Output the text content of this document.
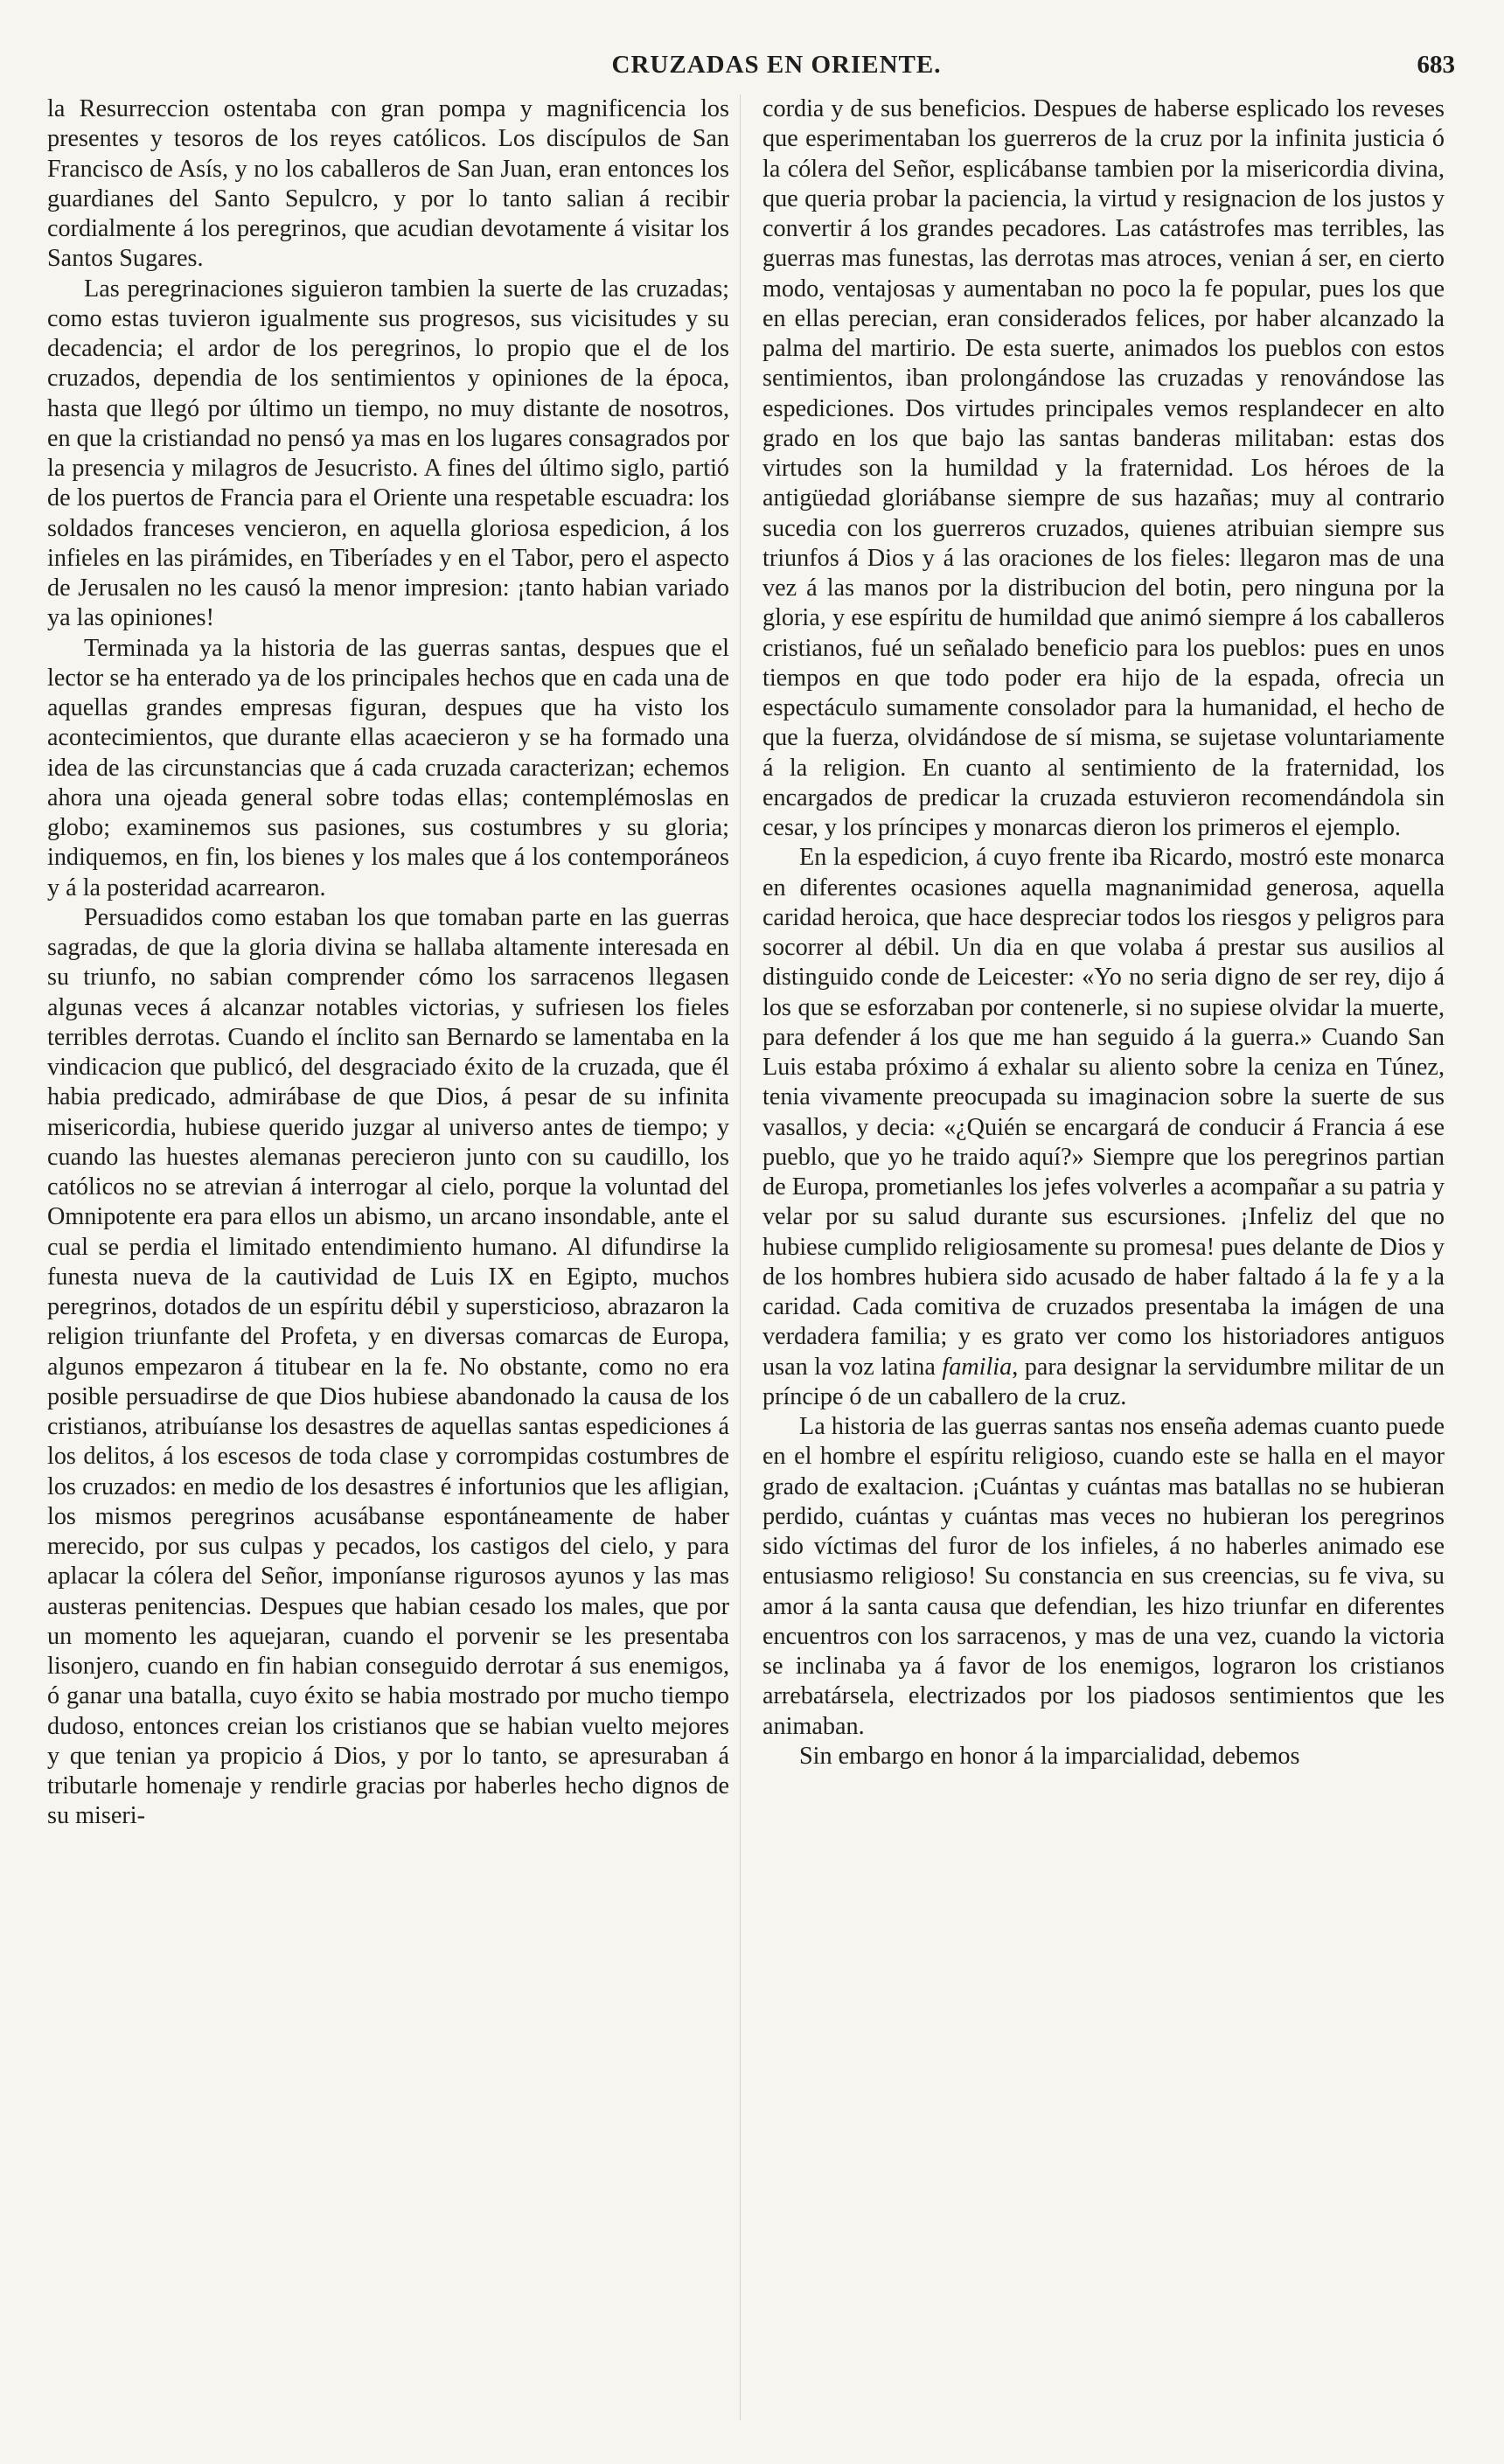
CRUZADAS EN ORIENTE.	683

la Resurreccion ostentaba con gran pompa y magnificencia los presentes y tesoros de los reyes católicos. Los discípulos de San Francisco de Asís, y no los caballeros de San Juan, eran entonces los guardianes del Santo Sepulcro, y por lo tanto salian á recibir cordialmente á los peregrinos, que acudian devotamente á visitar los Santos Sugares.

Las peregrinaciones siguieron tambien la suerte de las cruzadas; como estas tuvieron igualmente sus progresos, sus vicisitudes y su decadencia; el ardor de los peregrinos, lo propio que el de los cruzados, dependia de los sentimientos y opiniones de la época, hasta que llegó por último un tiempo, no muy distante de nosotros, en que la cristiandad no pensó ya mas en los lugares consagrados por la presencia y milagros de Jesucristo. A fines del último siglo, partió de los puertos de Francia para el Oriente una respetable escuadra: los soldados franceses vencieron, en aquella gloriosa espedicion, á los infieles en las pirámides, en Tiberíades y en el Tabor, pero el aspecto de Jerusalen no les causó la menor impresion: ¡tanto habian variado ya las opiniones!

Terminada ya la historia de las guerras santas, despues que el lector se ha enterado ya de los principales hechos que en cada una de aquellas grandes empresas figuran, despues que ha visto los acontecimientos, que durante ellas acaecieron y se ha formado una idea de las circunstancias que á cada cruzada caracterizan; echemos ahora una ojeada general sobre todas ellas; contemplémoslas en globo; examinemos sus pasiones, sus costumbres y su gloria; indiquemos, en fin, los bienes y los males que á los contemporáneos y á la posteridad acarrearon.

Persuadidos como estaban los que tomaban parte en las guerras sagradas, de que la gloria divina se hallaba altamente interesada en su triunfo, no sabian comprender cómo los sarracenos llegasen algunas veces á alcanzar notables victorias, y sufriesen los fieles terribles derrotas. Cuando el ínclito san Bernardo se lamentaba en la vindicacion que publicó, del desgraciado éxito de la cruzada, que él habia predicado, admirábase de que Dios, á pesar de su infinita misericordia, hubiese querido juzgar al universo antes de tiempo; y cuando las huestes alemanas perecieron junto con su caudillo, los católicos no se atrevian á interrogar al cielo, porque la voluntad del Omnipotente era para ellos un abismo, un arcano insondable, ante el cual se perdia el limitado entendimiento humano. Al difundirse la funesta nueva de la cautividad de Luis IX en Egipto, muchos peregrinos, dotados de un espíritu débil y supersticioso, abrazaron la religion triunfante del Profeta, y en diversas comarcas de Europa, algunos empezaron á titubear en la fe. No obstante, como no era posible persuadirse de que Dios hubiese abandonado la causa de los cristianos, atribuíanse los desastres de aquellas santas espediciones á los delitos, á los escesos de toda clase y corrompidas costumbres de los cruzados: en medio de los desastres é infortunios que les afligian, los mismos peregrinos acusábanse espontáneamente de haber merecido, por sus culpas y pecados, los castigos del cielo, y para aplacar la cólera del Señor, imponíanse rigurosos ayunos y las mas austeras penitencias. Despues que habian cesado los males, que por un momento les aquejaran, cuando el porvenir se les presentaba lisonjero, cuando en fin habian conseguido derrotar á sus enemigos, ó ganar una batalla, cuyo éxito se habia mostrado por mucho tiempo dudoso, entonces creian los cristianos que se habian vuelto mejores y que tenian ya propicio á Dios, y por lo tanto, se apresuraban á tributarle homenaje y rendirle gracias por haberles hecho dignos de su miseri-

cordia y de sus beneficios. Despues de haberse esplicado los reveses que esperimentaban los guerreros de la cruz por la infinita justicia ó la cólera del Señor, esplicábanse tambien por la misericordia divina, que queria probar la paciencia, la virtud y resignacion de los justos y convertir á los grandes pecadores. Las catástrofes mas terribles, las guerras mas funestas, las derrotas mas atroces, venian á ser, en cierto modo, ventajosas y aumentaban no poco la fe popular, pues los que en ellas perecian, eran considerados felices, por haber alcanzado la palma del martirio. De esta suerte, animados los pueblos con estos sentimientos, iban prolongándose las cruzadas y renovándose las espediciones. Dos virtudes principales vemos resplandecer en alto grado en los que bajo las santas banderas militaban: estas dos virtudes son la humildad y la fraternidad. Los héroes de la antigüedad gloriábanse siempre de sus hazañas; muy al contrario sucedia con los guerreros cruzados, quienes atribuian siempre sus triunfos á Dios y á las oraciones de los fieles: llegaron mas de una vez á las manos por la distribucion del botin, pero ninguna por la gloria, y ese espíritu de humildad que animó siempre á los caballeros cristianos, fué un señalado beneficio para los pueblos: pues en unos tiempos en que todo poder era hijo de la espada, ofrecia un espectáculo sumamente consolador para la humanidad, el hecho de que la fuerza, olvidándose de sí misma, se sujetase voluntariamente á la religion. En cuanto al sentimiento de la fraternidad, los encargados de predicar la cruzada estuvieron recomendándola sin cesar, y los príncipes y monarcas dieron los primeros el ejemplo.

En la espedicion, á cuyo frente iba Ricardo, mostró este monarca en diferentes ocasiones aquella magnanimidad generosa, aquella caridad heroica, que hace despreciar todos los riesgos y peligros para socorrer al débil. Un dia en que volaba á prestar sus ausilios al distinguido conde de Leicester: «Yo no seria digno de ser rey, dijo á los que se esforzaban por contenerle, si no supiese olvidar la muerte, para defender á los que me han seguido á la guerra.» Cuando San Luis estaba próximo á exhalar su aliento sobre la ceniza en Túnez, tenia vivamente preocupada su imaginacion sobre la suerte de sus vasallos, y decia: «¿Quién se encargará de conducir á Francia á ese pueblo, que yo he traido aquí?» Siempre que los peregrinos partian de Europa, prometianles los jefes volverles a acompañar a su patria y velar por su salud durante sus escursiones. ¡Infeliz del que no hubiese cumplido religiosamente su promesa! pues delante de Dios y de los hombres hubiera sido acusado de haber faltado á la fe y a la caridad. Cada comitiva de cruzados presentaba la imágen de una verdadera familia; y es grato ver como los historiadores antiguos usan la voz latina familia, para designar la servidumbre militar de un príncipe ó de un caballero de la cruz.

La historia de las guerras santas nos enseña ademas cuanto puede en el hombre el espíritu religioso, cuando este se halla en el mayor grado de exaltacion. ¡Cuántas y cuántas mas batallas no se hubieran perdido, cuántas y cuántas mas veces no hubieran los peregrinos sido víctimas del furor de los infieles, á no haberles animado ese entusiasmo religioso! Su constancia en sus creencias, su fe viva, su amor á la santa causa que defendian, les hizo triunfar en diferentes encuentros con los sarracenos, y mas de una vez, cuando la victoria se inclinaba ya á favor de los enemigos, lograron los cristianos arrebatársela, electrizados por los piadosos sentimientos que les animaban.

Sin embargo en honor á la imparcialidad, debemos
